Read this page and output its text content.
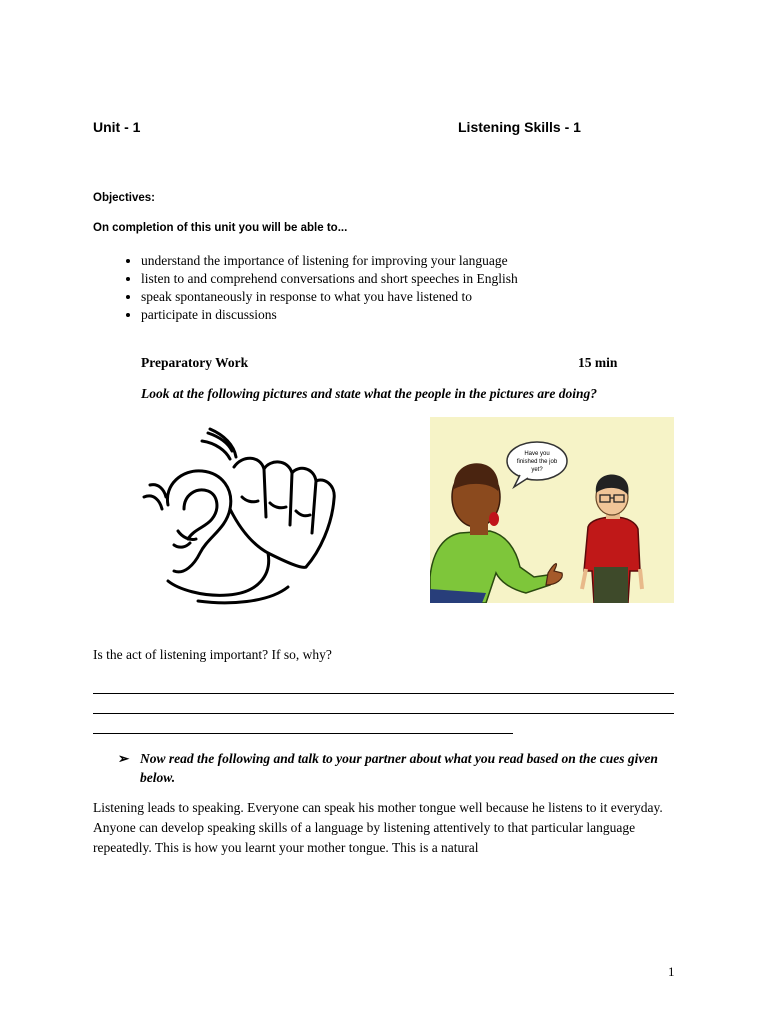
Unit - 1	Listening Skills - 1
Objectives:
On completion of this unit you will be able to...
• understand the importance of listening for improving your language
• listen to and comprehend conversations and short speeches in English
• speak spontaneously in response to what you have listened to
• participate in discussions
Preparatory Work	15 min
Look at the following pictures and state what the people in the pictures are doing?
Have you
finished the job
yet?
Is the act of listening important? If so, why?
➢ Now read the following and talk to your partner about what you read based on the cues given below.
Listening leads to speaking. Everyone can speak his mother tongue well because he listens to it everyday. Anyone can develop speaking skills of a language by listening attentively to that particular language repeatedly. This is how you learnt your mother tongue. This is a natural
1
